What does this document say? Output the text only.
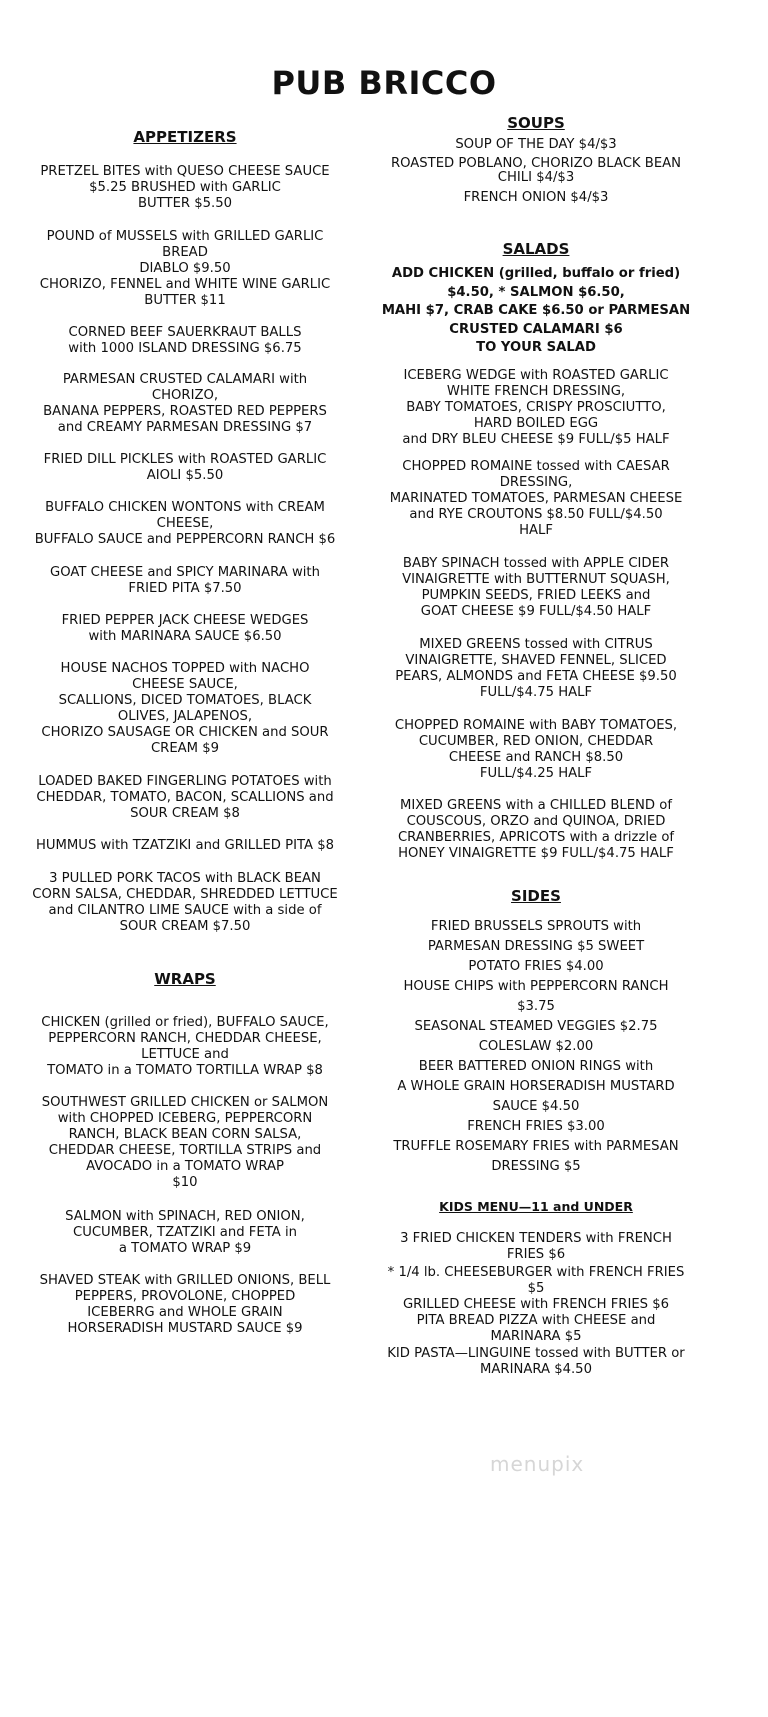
PUB BRICCO
APPETIZERS
PRETZEL BITES with QUESO CHEESE SAUCE
$5.25 BRUSHED with GARLIC
BUTTER $5.50
POUND of MUSSELS with GRILLED GARLIC
BREAD
DIABLO $9.50
CHORIZO, FENNEL and WHITE WINE GARLIC
BUTTER $11
CORNED BEEF SAUERKRAUT BALLS
with 1000 ISLAND DRESSING $6.75
PARMESAN CRUSTED CALAMARI with
CHORIZO,
BANANA PEPPERS, ROASTED RED PEPPERS
and CREAMY PARMESAN DRESSING $7
FRIED DILL PICKLES with ROASTED GARLIC
AIOLI $5.50
BUFFALO CHICKEN WONTONS with CREAM
CHEESE,
BUFFALO SAUCE and PEPPERCORN RANCH $6
GOAT CHEESE and SPICY MARINARA with
FRIED PITA $7.50
FRIED PEPPER JACK CHEESE WEDGES
with MARINARA SAUCE $6.50
HOUSE NACHOS TOPPED with NACHO
CHEESE SAUCE,
SCALLIONS, DICED TOMATOES, BLACK
OLIVES, JALAPENOS,
CHORIZO SAUSAGE OR CHICKEN and SOUR
CREAM $9
LOADED BAKED FINGERLING POTATOES with
CHEDDAR, TOMATO, BACON, SCALLIONS and
SOUR CREAM $8
HUMMUS with TZATZIKI and GRILLED PITA $8
3 PULLED PORK TACOS with BLACK BEAN
CORN SALSA, CHEDDAR, SHREDDED LETTUCE
and CILANTRO LIME SAUCE with a side of
SOUR CREAM $7.50
WRAPS
CHICKEN (grilled or fried), BUFFALO SAUCE,
PEPPERCORN RANCH, CHEDDAR CHEESE,
LETTUCE and
TOMATO in a TOMATO TORTILLA WRAP $8
SOUTHWEST GRILLED CHICKEN or SALMON
with CHOPPED ICEBERG, PEPPERCORN
RANCH, BLACK BEAN CORN SALSA,
CHEDDAR CHEESE, TORTILLA STRIPS and
AVOCADO in a TOMATO WRAP
$10
SALMON with SPINACH, RED ONION,
CUCUMBER, TZATZIKI and FETA in
a TOMATO WRAP $9
SHAVED STEAK with GRILLED ONIONS, BELL
PEPPERS, PROVOLONE, CHOPPED
ICEBERRG and WHOLE GRAIN
HORSERADISH MUSTARD SAUCE $9
SOUPS
SOUP OF THE DAY $4/$3
ROASTED POBLANO, CHORIZO BLACK BEAN
CHILI $4/$3
FRENCH ONION $4/$3
SALADS
ADD CHICKEN (grilled, buffalo or fried)
$4.50, * SALMON $6.50,
MAHI $7, CRAB CAKE $6.50 or PARMESAN
CRUSTED CALAMARI $6
TO YOUR SALAD
ICEBERG WEDGE with ROASTED GARLIC
WHITE FRENCH DRESSING,
BABY TOMATOES, CRISPY PROSCIUTTO,
HARD BOILED EGG
and DRY BLEU CHEESE $9 FULL/$5 HALF
CHOPPED ROMAINE tossed with CAESAR
DRESSING,
MARINATED TOMATOES, PARMESAN CHEESE
and RYE CROUTONS $8.50 FULL/$4.50
HALF
BABY SPINACH tossed with APPLE CIDER
VINAIGRETTE with BUTTERNUT SQUASH,
PUMPKIN SEEDS, FRIED LEEKS and
GOAT CHEESE $9 FULL/$4.50 HALF
MIXED GREENS tossed with CITRUS
VINAIGRETTE, SHAVED FENNEL, SLICED
PEARS, ALMONDS and FETA CHEESE $9.50
FULL/$4.75 HALF
CHOPPED ROMAINE with BABY TOMATOES,
CUCUMBER, RED ONION, CHEDDAR
CHEESE and RANCH $8.50
FULL/$4.25 HALF
MIXED GREENS with a CHILLED BLEND of
COUSCOUS, ORZO and QUINOA, DRIED
CRANBERRIES, APRICOTS with a drizzle of
HONEY VINAIGRETTE $9 FULL/$4.75 HALF
SIDES
FRIED BRUSSELS SPROUTS with
PARMESAN DRESSING $5 SWEET
POTATO FRIES $4.00
HOUSE CHIPS with PEPPERCORN RANCH
$3.75
SEASONAL STEAMED VEGGIES $2.75
COLESLAW $2.00
BEER BATTERED ONION RINGS with
A WHOLE GRAIN HORSERADISH MUSTARD
SAUCE $4.50
FRENCH FRIES $3.00
TRUFFLE ROSEMARY FRIES with PARMESAN
DRESSING $5
KIDS MENU—11 and UNDER
3 FRIED CHICKEN TENDERS with FRENCH
FRIES $6
* 1/4 lb. CHEESEBURGER with FRENCH FRIES
$5
GRILLED CHEESE with FRENCH FRIES $6
PITA BREAD PIZZA with CHEESE and
MARINARA $5
KID PASTA—LINGUINE tossed with BUTTER or
MARINARA $4.50
menupix
